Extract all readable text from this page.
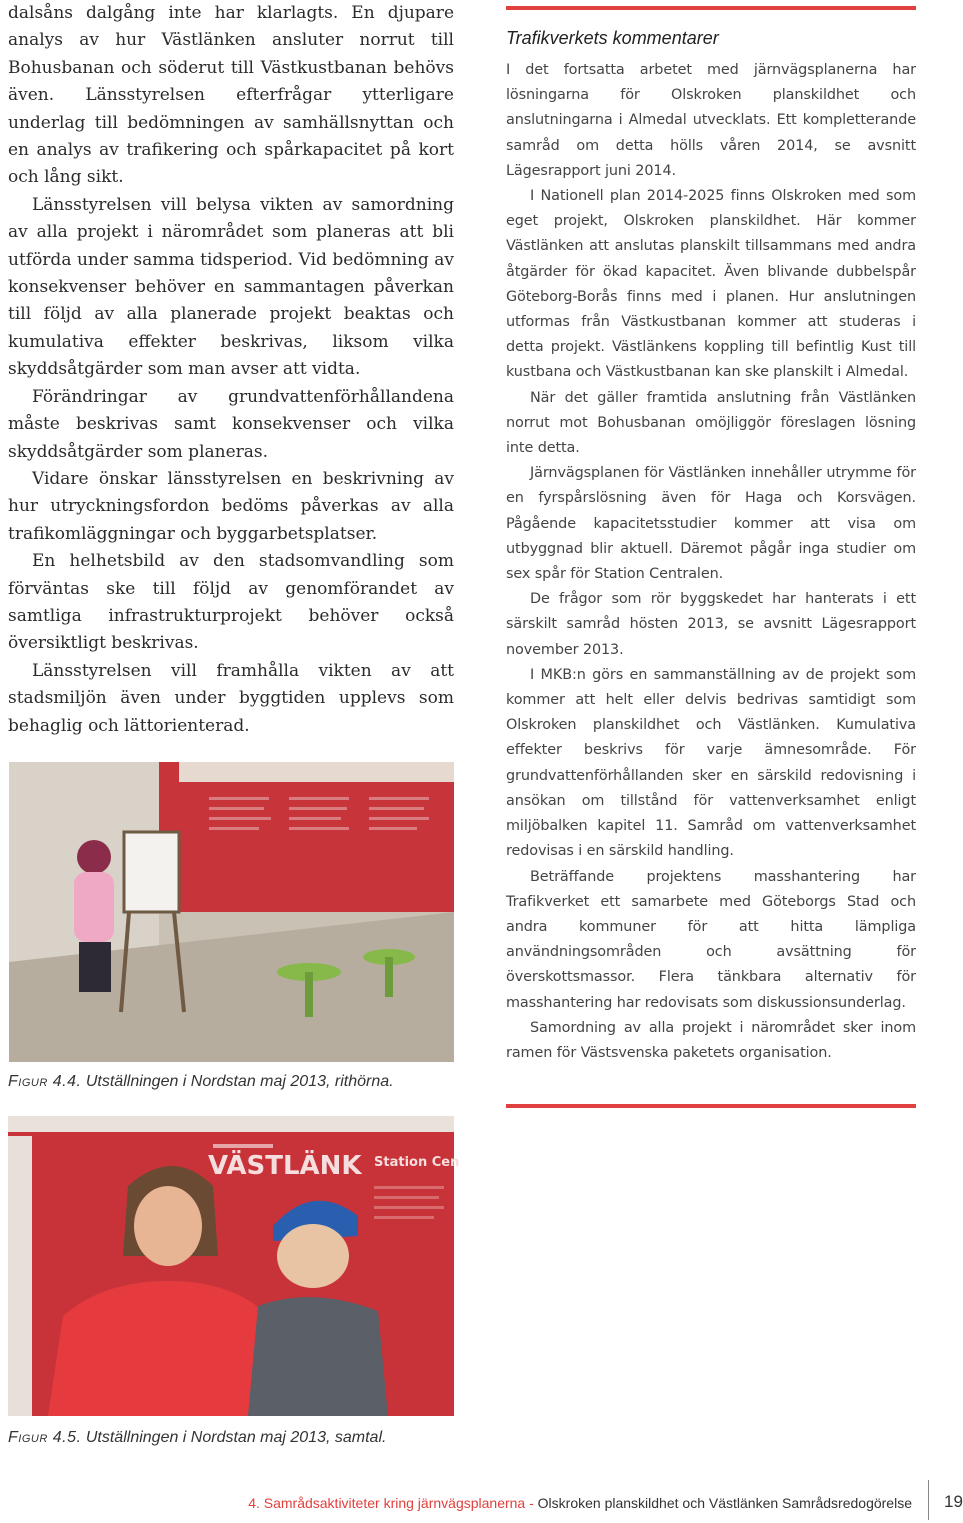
dalsåns dalgång inte har klarlagts. En djupare analys av hur Västlänken ansluter norrut till Bohusbanan och söderut till Västkustbanan behövs även. Länsstyrelsen efterfrågar ytterligare underlag till bedömningen av samhällsnyttan och en analys av trafikering och spårkapacitet på kort och lång sikt.

Länsstyrelsen vill belysa vikten av samordning av alla projekt i närområdet som planeras att bli utförda under samma tidsperiod. Vid bedömning av konsekvenser behöver en sammantagen påverkan till följd av alla planerade projekt beaktas och kumulativa effekter beskrivas, liksom vilka skyddsåtgärder som man avser att vidta.

Förändringar av grundvattenförhållandena måste beskrivas samt konsekvenser och vilka skyddsåtgärder som planeras.

Vidare önskar länsstyrelsen en beskrivning av hur utryckningsfordon bedöms påverkas av alla trafikomläggningar och byggarbetsplatser.

En helhetsbild av den stadsomvandling som förväntas ske till följd av genomförandet av samtliga infrastrukturprojekt behöver också översiktligt beskrivas.

Länsstyrelsen vill framhålla vikten av att stadsmiljön även under byggtiden upplevs som behaglig och lättorienterad.

Figur 4.4. Utställningen i Nordstan maj 2013, rithörna.
VÄSTLÄNK Station Cen
Figur 4.5. Utställningen i Nordstan maj 2013, samtal.
Trafikverkets kommentarer

I det fortsatta arbetet med järnvägsplanerna har lösningarna för Olskroken planskildhet och anslutningarna i Almedal utvecklats. Ett kompletterande samråd om detta hölls våren 2014, se avsnitt Lägesrapport juni 2014.

I Nationell plan 2014-2025 finns Olskroken med som eget projekt, Olskroken planskildhet. Här kommer Västlänken att anslutas planskilt tillsammans med andra åtgärder för ökad kapacitet. Även blivande dubbelspår Göteborg-Borås finns med i planen. Hur anslutningen utformas från Västkustbanan kommer att studeras i detta projekt. Västlänkens koppling till befintlig Kust till kustbana och Västkustbanan kan ske planskilt i Almedal.

När det gäller framtida anslutning från Västlänken norrut mot Bohusbanan omöjliggör föreslagen lösning inte detta.

Järnvägsplanen för Västlänken innehåller utrymme för en fyrspårslösning även för Haga och Korsvägen. Pågående kapacitetsstudier kommer att visa om utbyggnad blir aktuell. Däremot pågår inga studier om sex spår för Station Centralen.

De frågor som rör byggskedet har hanterats i ett särskilt samråd hösten 2013, se avsnitt Lägesrapport november 2013.

I MKB:n görs en sammanställning av de projekt som kommer att helt eller delvis bedrivas samtidigt som Olskroken planskildhet och Västlänken. Kumulativa effekter beskrivs för varje ämnesområde. För grundvattenförhållanden sker en särskild redovisning i ansökan om tillstånd för vattenverksamhet enligt miljöbalken kapitel 11. Samråd om vattenverksamhet redovisas i en särskild handling.

Beträffande projektens masshantering har Trafikverket ett samarbete med Göteborgs Stad och andra kommuner för att hitta lämpliga användningsområden och avsättning för överskottsmassor. Flera tänkbara alternativ för masshantering har redovisats som diskussionsunderlag.

Samordning av alla projekt i närområdet sker inom ramen för Västsvenska paketets organisation.

4. Samrådsaktiviteter kring järnvägsplanerna - Olskroken planskildhet och Västlänken Samrådsredogörelse 19
